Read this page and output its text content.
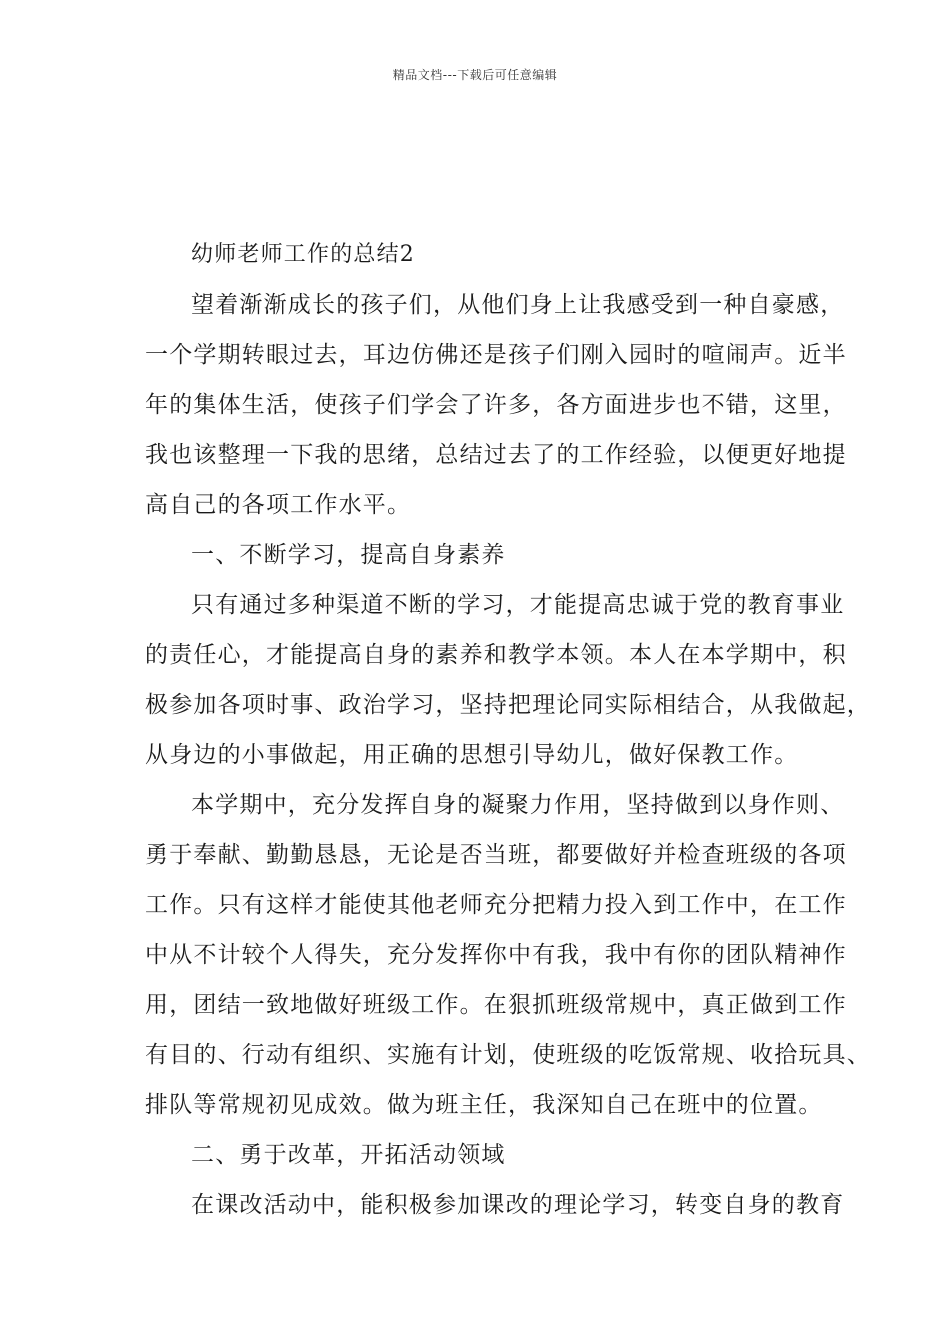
精品文档---下载后可任意编辑
幼师老师工作的总结2
望着渐渐成长的孩子们，从他们身上让我感受到一种自豪感，
一个学期转眼过去，耳边仿佛还是孩子们刚入园时的喧闹声。近半
年的集体生活，使孩子们学会了许多，各方面进步也不错，这里，
我也该整理一下我的思绪，总结过去了的工作经验，以便更好地提
高自己的各项工作水平。
一、不断学习，提高自身素养
只有通过多种渠道不断的学习，才能提高忠诚于党的教育事业
的责任心，才能提高自身的素养和教学本领。本人在本学期中，积
极参加各项时事、政治学习，坚持把理论同实际相结合，从我做起，
从身边的小事做起，用正确的思想引导幼儿，做好保教工作。
本学期中，充分发挥自身的凝聚力作用，坚持做到以身作则、
勇于奉献、勤勤恳恳，无论是否当班，都要做好并检查班级的各项
工作。只有这样才能使其他老师充分把精力投入到工作中，在工作
中从不计较个人得失，充分发挥你中有我，我中有你的团队精神作
用，团结一致地做好班级工作。在狠抓班级常规中，真正做到工作
有目的、行动有组织、实施有计划，使班级的吃饭常规、收拾玩具、
排队等常规初见成效。做为班主任，我深知自己在班中的位置。
二、勇于改革，开拓活动领域
在课改活动中，能积极参加课改的理论学习，转变自身的教育
